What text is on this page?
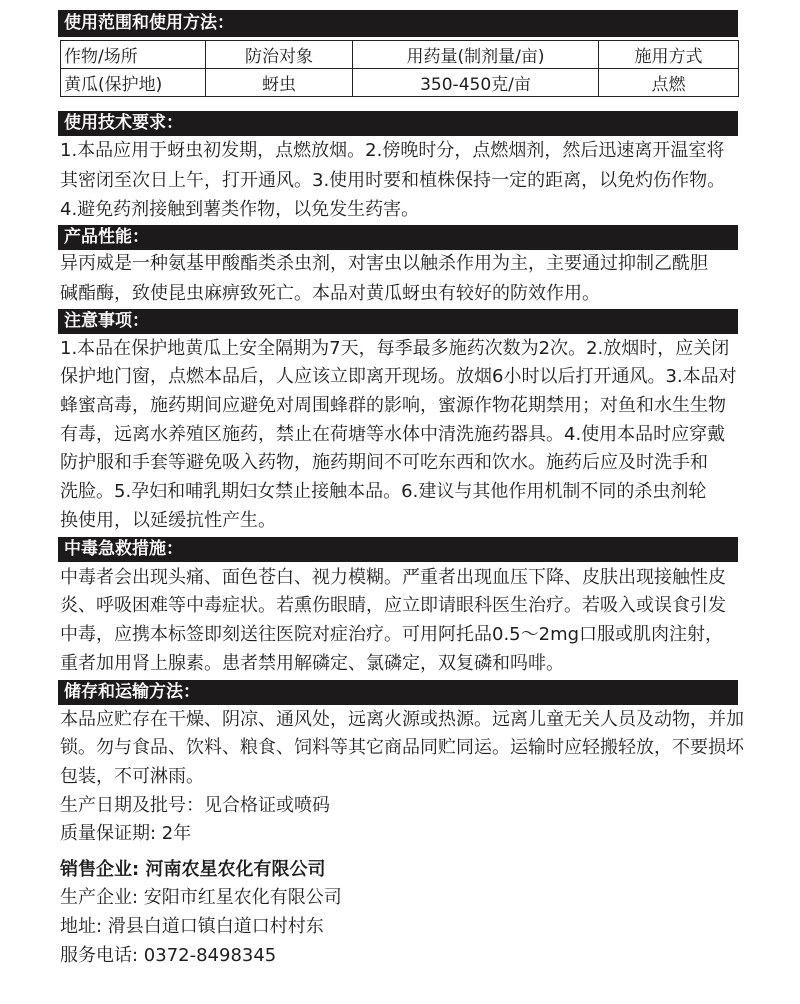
使用范围和使用方法：
作物/场所	防治对象	用药量(制剂量/亩)	施用方式
黄瓜(保护地)	蚜虫	350-450克/亩	点燃
使用技术要求：
1.本品应用于蚜虫初发期，点燃放烟。2.傍晚时分，点燃烟剂，然后迅速离开温室将
其密闭至次日上午，打开通风。3.使用时要和植株保持一定的距离，以免灼伤作物。
4.避免药剂接触到薯类作物，以免发生药害。
产品性能：
异丙威是一种氨基甲酸酯类杀虫剂，对害虫以触杀作用为主，主要通过抑制乙酰胆
碱酯酶，致使昆虫麻痹致死亡。本品对黄瓜蚜虫有较好的防效作用。
注意事项：
1.本品在保护地黄瓜上安全隔期为7天，每季最多施药次数为2次。2.放烟时，应关闭
保护地门窗，点燃本品后，人应该立即离开现场。放烟6小时以后打开通风。3.本品对
蜂蜜高毒，施药期间应避免对周围蜂群的影响，蜜源作物花期禁用；对鱼和水生生物
有毒，远离水养殖区施药，禁止在荷塘等水体中清洗施药器具。4.使用本品时应穿戴
防护服和手套等避免吸入药物，施药期间不可吃东西和饮水。施药后应及时洗手和
洗脸。5.孕妇和哺乳期妇女禁止接触本品。6.建议与其他作用机制不同的杀虫剂轮
换使用，以延缓抗性产生。
中毒急救措施：
中毒者会出现头痛、面色苍白、视力模糊。严重者出现血压下降、皮肤出现接触性皮
炎、呼吸困难等中毒症状。若熏伤眼睛，应立即请眼科医生治疗。若吸入或误食引发
中毒，应携本标签即刻送往医院对症治疗。可用阿托品0.5～2mg口服或肌肉注射，
重者加用肾上腺素。患者禁用解磷定、氯磷定，双复磷和吗啡。
储存和运输方法：
本品应贮存在干燥、阴凉、通风处，远离火源或热源。远离儿童无关人员及动物，并加
锁。勿与食品、饮料、粮食、饲料等其它商品同贮同运。运输时应轻搬轻放，不要损坏
包装，不可淋雨。
生产日期及批号：见合格证或喷码
质量保证期: 2年
销售企业: 河南农星农化有限公司
生产企业: 安阳市红星农化有限公司
地址: 滑县白道口镇白道口村村东
服务电话: 0372-8498345
